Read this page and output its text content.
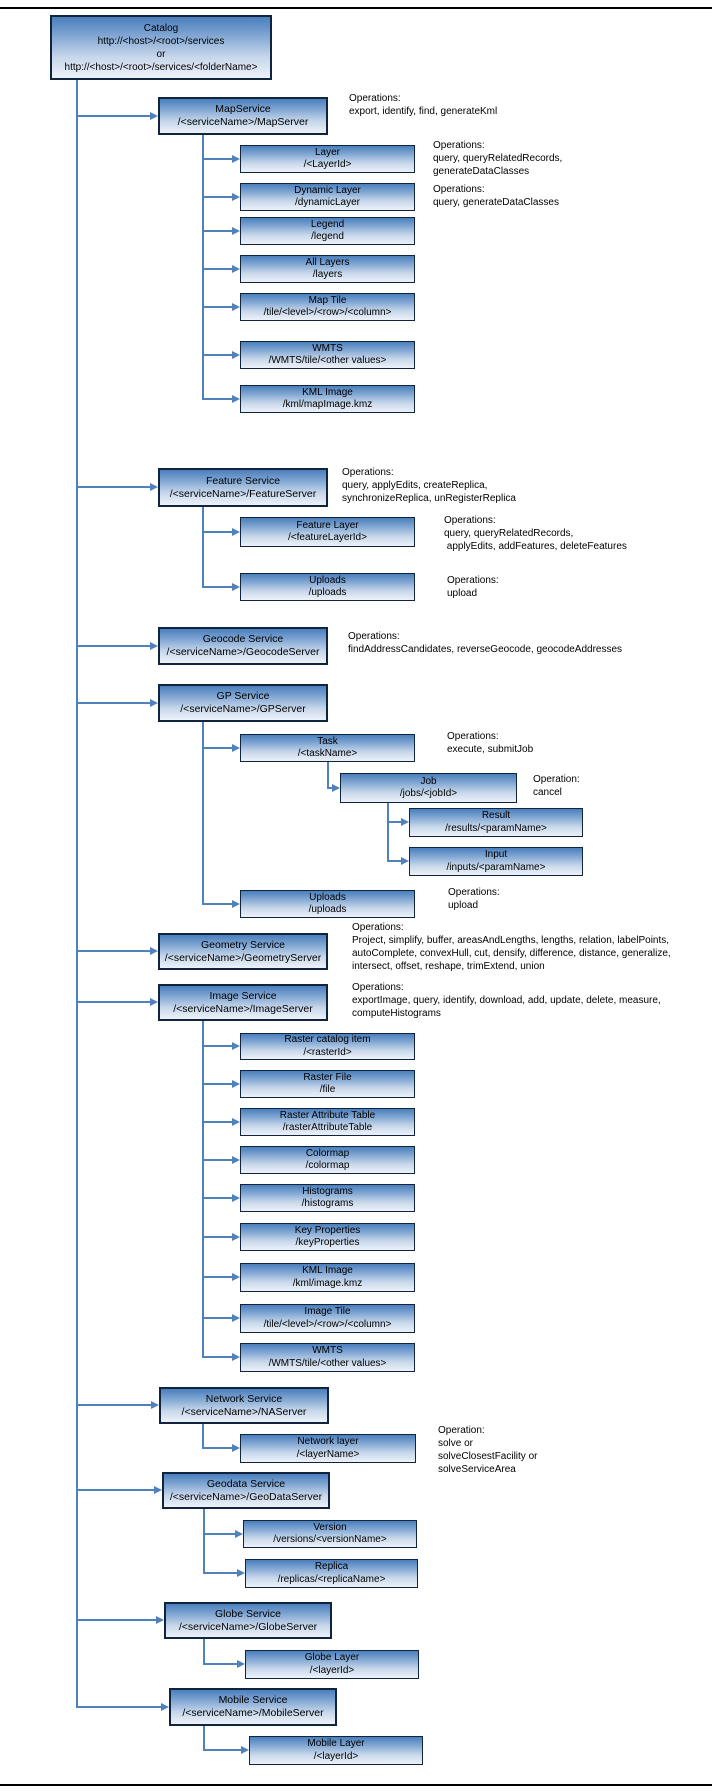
Catalog
http://<host>/<root>/services
or
http://<host>/<root>/services/<folderName>
MapService
/<serviceName>/MapServer
Feature Service
/<serviceName>/FeatureServer
Geocode Service
/<serviceName>/GeocodeServer
GP Service
/<serviceName>/GPServer
Geometry Service
/<serviceName>/GeometryServer
Image Service
/<serviceName>/ImageServer
Network Service
/<serviceName>/NAServer
Geodata Service
/<serviceName>/GeoDataServer
Globe Service
/<serviceName>/GlobeServer
Mobile Service
/<serviceName>/MobileServer
Layer
/<LayerId>
Dynamic Layer
/dynamicLayer
Legend
/legend
All Layers
/layers
Map Tile
/tile/<level>/<row>/<column>
WMTS
/WMTS/tile/<other values>
KML Image
/kml/mapImage.kmz
Feature Layer
/<featureLayerId>
Uploads
/uploads
Task
/<taskName>
Job
/jobs/<jobId>
Result
/results/<paramName>
Input
/inputs/<paramName>
Uploads
/uploads
Raster catalog item
/<rasterId>
Raster File
/file
Raster Attribute Table
/rasterAttributeTable
Colormap
/colormap
Histograms
/histograms
Key Properties
/keyProperties
KML Image
/kml/image.kmz
Image Tile
/tile/<level>/<row>/<column>
WMTS
/WMTS/tile/<other values>
Network layer
/<layerName>
Version
/versions/<versionName>
Replica
/replicas/<replicaName>
Globe Layer
/<layerId>
Mobile Layer
/<layerId>
Operations:
export, identify, find, generateKml
Operations:
query, queryRelatedRecords,
generateDataClasses
Operations:
query, generateDataClasses
Operations:
query, applyEdits, createReplica,
synchronizeReplica, unRegisterReplica
Operations:
query, queryRelatedRecords,
applyEdits, addFeatures, deleteFeatures
Operations:
upload
Operations:
findAddressCandidates, reverseGeocode, geocodeAddresses
Operations:
execute, submitJob
Operation:
cancel
Operations:
upload
Operations:
Project, simplify, buffer, areasAndLengths, lengths, relation, labelPoints,
autoComplete, convexHull, cut, densify, difference, distance, generalize,
intersect, offset, reshape, trimExtend, union
Operations:
exportImage, query, identify, download, add, update, delete, measure,
computeHistograms
Operation:
solve or
solveClosestFacility or
solveServiceArea
